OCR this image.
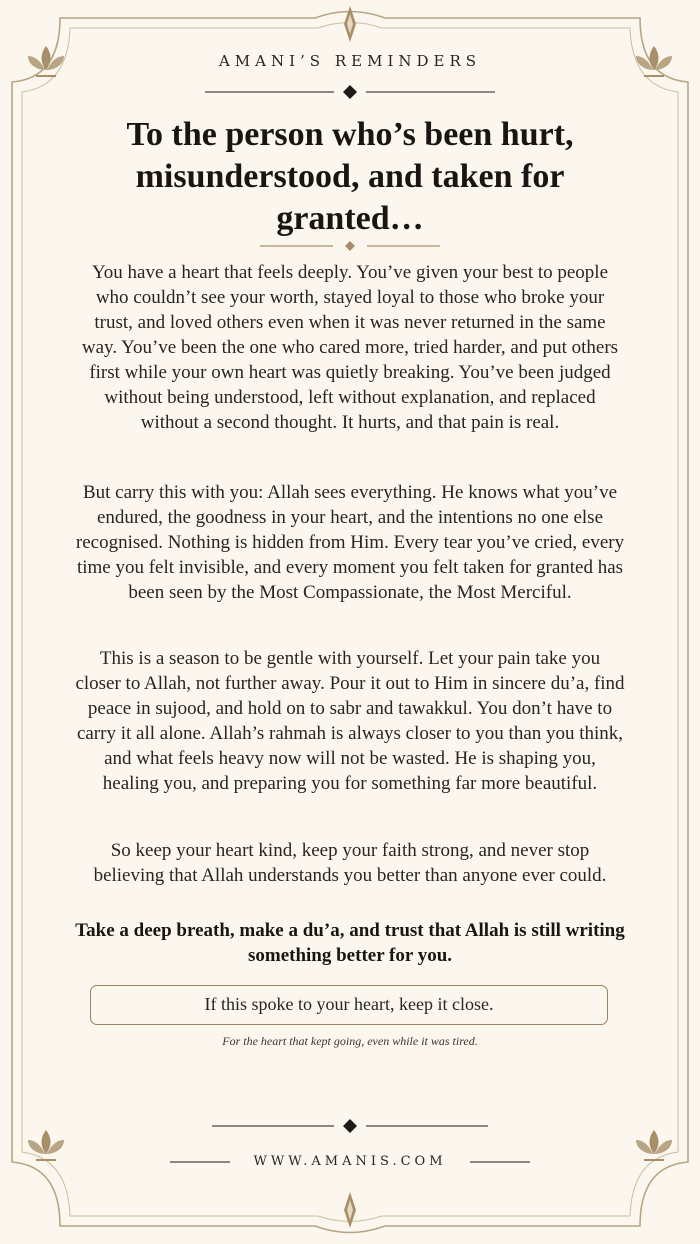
AMANI’S REMINDERS
To the person who’s been hurt, misunderstood, and taken for granted…
You have a heart that feels deeply. You’ve given your best to people who couldn’t see your worth, stayed loyal to those who broke your trust, and loved others even when it was never returned in the same way. You’ve been the one who cared more, tried harder, and put others first while your own heart was quietly breaking. You’ve been judged without being understood, left without explanation, and replaced without a second thought. It hurts, and that pain is real.
But carry this with you: Allah sees everything. He knows what you’ve endured, the goodness in your heart, and the intentions no one else recognised. Nothing is hidden from Him. Every tear you’ve cried, every time you felt invisible, and every moment you felt taken for granted has been seen by the Most Compassionate, the Most Merciful.
This is a season to be gentle with yourself. Let your pain take you closer to Allah, not further away. Pour it out to Him in sincere du’a, find peace in sujood, and hold on to sabr and tawakkul. You don’t have to carry it all alone. Allah’s rahmah is always closer to you than you think, and what feels heavy now will not be wasted. He is shaping you, healing you, and preparing you for something far more beautiful.
So keep your heart kind, keep your faith strong, and never stop believing that Allah understands you better than anyone ever could.
Take a deep breath, make a du’a, and trust that Allah is still writing something better for you.
If this spoke to your heart, keep it close.
For the heart that kept going, even while it was tired.
WWW.AMANIS.COM
